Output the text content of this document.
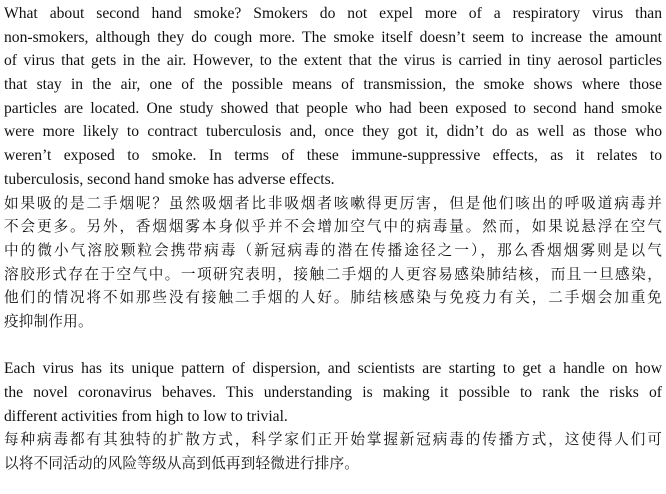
What about second hand smoke? Smokers do not expel more of a respiratory virus than
non-smokers, although they do cough more. The smoke itself doesn’t seem to increase the amount
of virus that gets in the air. However, to the extent that the virus is carried in tiny aerosol particles
that stay in the air, one of the possible means of transmission, the smoke shows where those
particles are located. One study showed that people who had been exposed to second hand smoke
were more likely to contract tuberculosis and, once they got it, didn’t do as well as those who
weren’t exposed to smoke. In terms of these immune-suppressive effects, as it relates to
tuberculosis, second hand smoke has adverse effects.

如果吸的是二手烟呢？虽然吸烟者比非吸烟者咳嗽得更厉害，但是他们咳出的呼吸道病毒并
不会更多。另外，香烟烟雾本身似乎并不会增加空气中的病毒量。然而，如果说悬浮在空气
中的微小气溶胶颗粒会携带病毒（新冠病毒的潜在传播途径之一），那么香烟烟雾则是以气
溶胶形式存在于空气中。一项研究表明，接触二手烟的人更容易感染肺结核，而且一旦感染，
他们的情况将不如那些没有接触二手烟的人好。肺结核感染与免疫力有关，二手烟会加重免
疫抑制作用。

Each virus has its unique pattern of dispersion, and scientists are starting to get a handle on how
the novel coronavirus behaves. This understanding is making it possible to rank the risks of
different activities from high to low to trivial.

每种病毒都有其独特的扩散方式，科学家们正开始掌握新冠病毒的传播方式，这使得人们可
以将不同活动的风险等级从高到低再到轻微进行排序。
